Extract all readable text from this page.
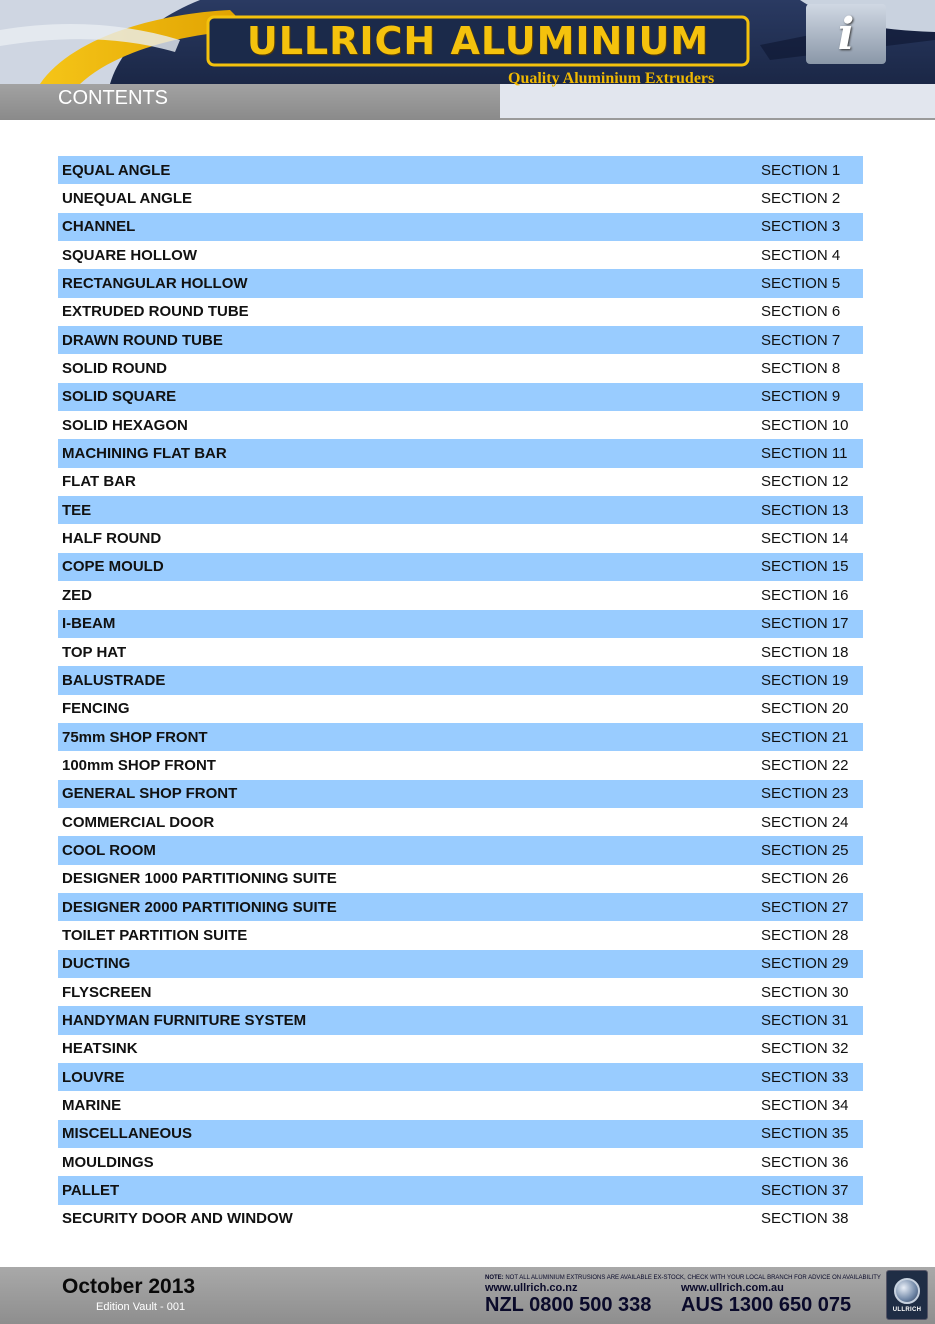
ULLRICH ALUMINIUM
Quality Aluminium Extruders
i
CONTENTS
EQUAL ANGLE	SECTION 1
UNEQUAL ANGLE	SECTION 2
CHANNEL	SECTION 3
SQUARE HOLLOW	SECTION 4
RECTANGULAR HOLLOW	SECTION 5
EXTRUDED ROUND TUBE	SECTION 6
DRAWN ROUND TUBE	SECTION 7
SOLID ROUND	SECTION 8
SOLID SQUARE	SECTION 9
SOLID HEXAGON	SECTION 10
MACHINING FLAT BAR	SECTION 11
FLAT BAR	SECTION 12
TEE	SECTION 13
HALF ROUND	SECTION 14
COPE MOULD	SECTION 15
ZED	SECTION 16
I-BEAM	SECTION 17
TOP HAT	SECTION 18
BALUSTRADE	SECTION 19
FENCING	SECTION 20
75mm SHOP FRONT	SECTION 21
100mm SHOP FRONT	SECTION 22
GENERAL SHOP FRONT	SECTION 23
COMMERCIAL DOOR	SECTION 24
COOL ROOM	SECTION 25
DESIGNER 1000 PARTITIONING SUITE	SECTION 26
DESIGNER 2000 PARTITIONING SUITE	SECTION 27
TOILET PARTITION SUITE	SECTION 28
DUCTING	SECTION 29
FLYSCREEN	SECTION 30
HANDYMAN FURNITURE SYSTEM	SECTION 31
HEATSINK	SECTION 32
LOUVRE	SECTION 33
MARINE	SECTION 34
MISCELLANEOUS	SECTION 35
MOULDINGS	SECTION 36
PALLET	SECTION 37
SECURITY DOOR AND WINDOW	SECTION 38
October 2013
Edition Vault - 001
NOTE: NOT ALL ALUMINIUM EXTRUSIONS ARE AVAILABLE EX-STOCK, CHECK WITH YOUR LOCAL BRANCH FOR ADVICE ON AVAILABILITY
www.ullrich.co.nz	www.ullrich.com.au
NZL 0800 500 338	AUS 1300 650 075	ULLRICH
